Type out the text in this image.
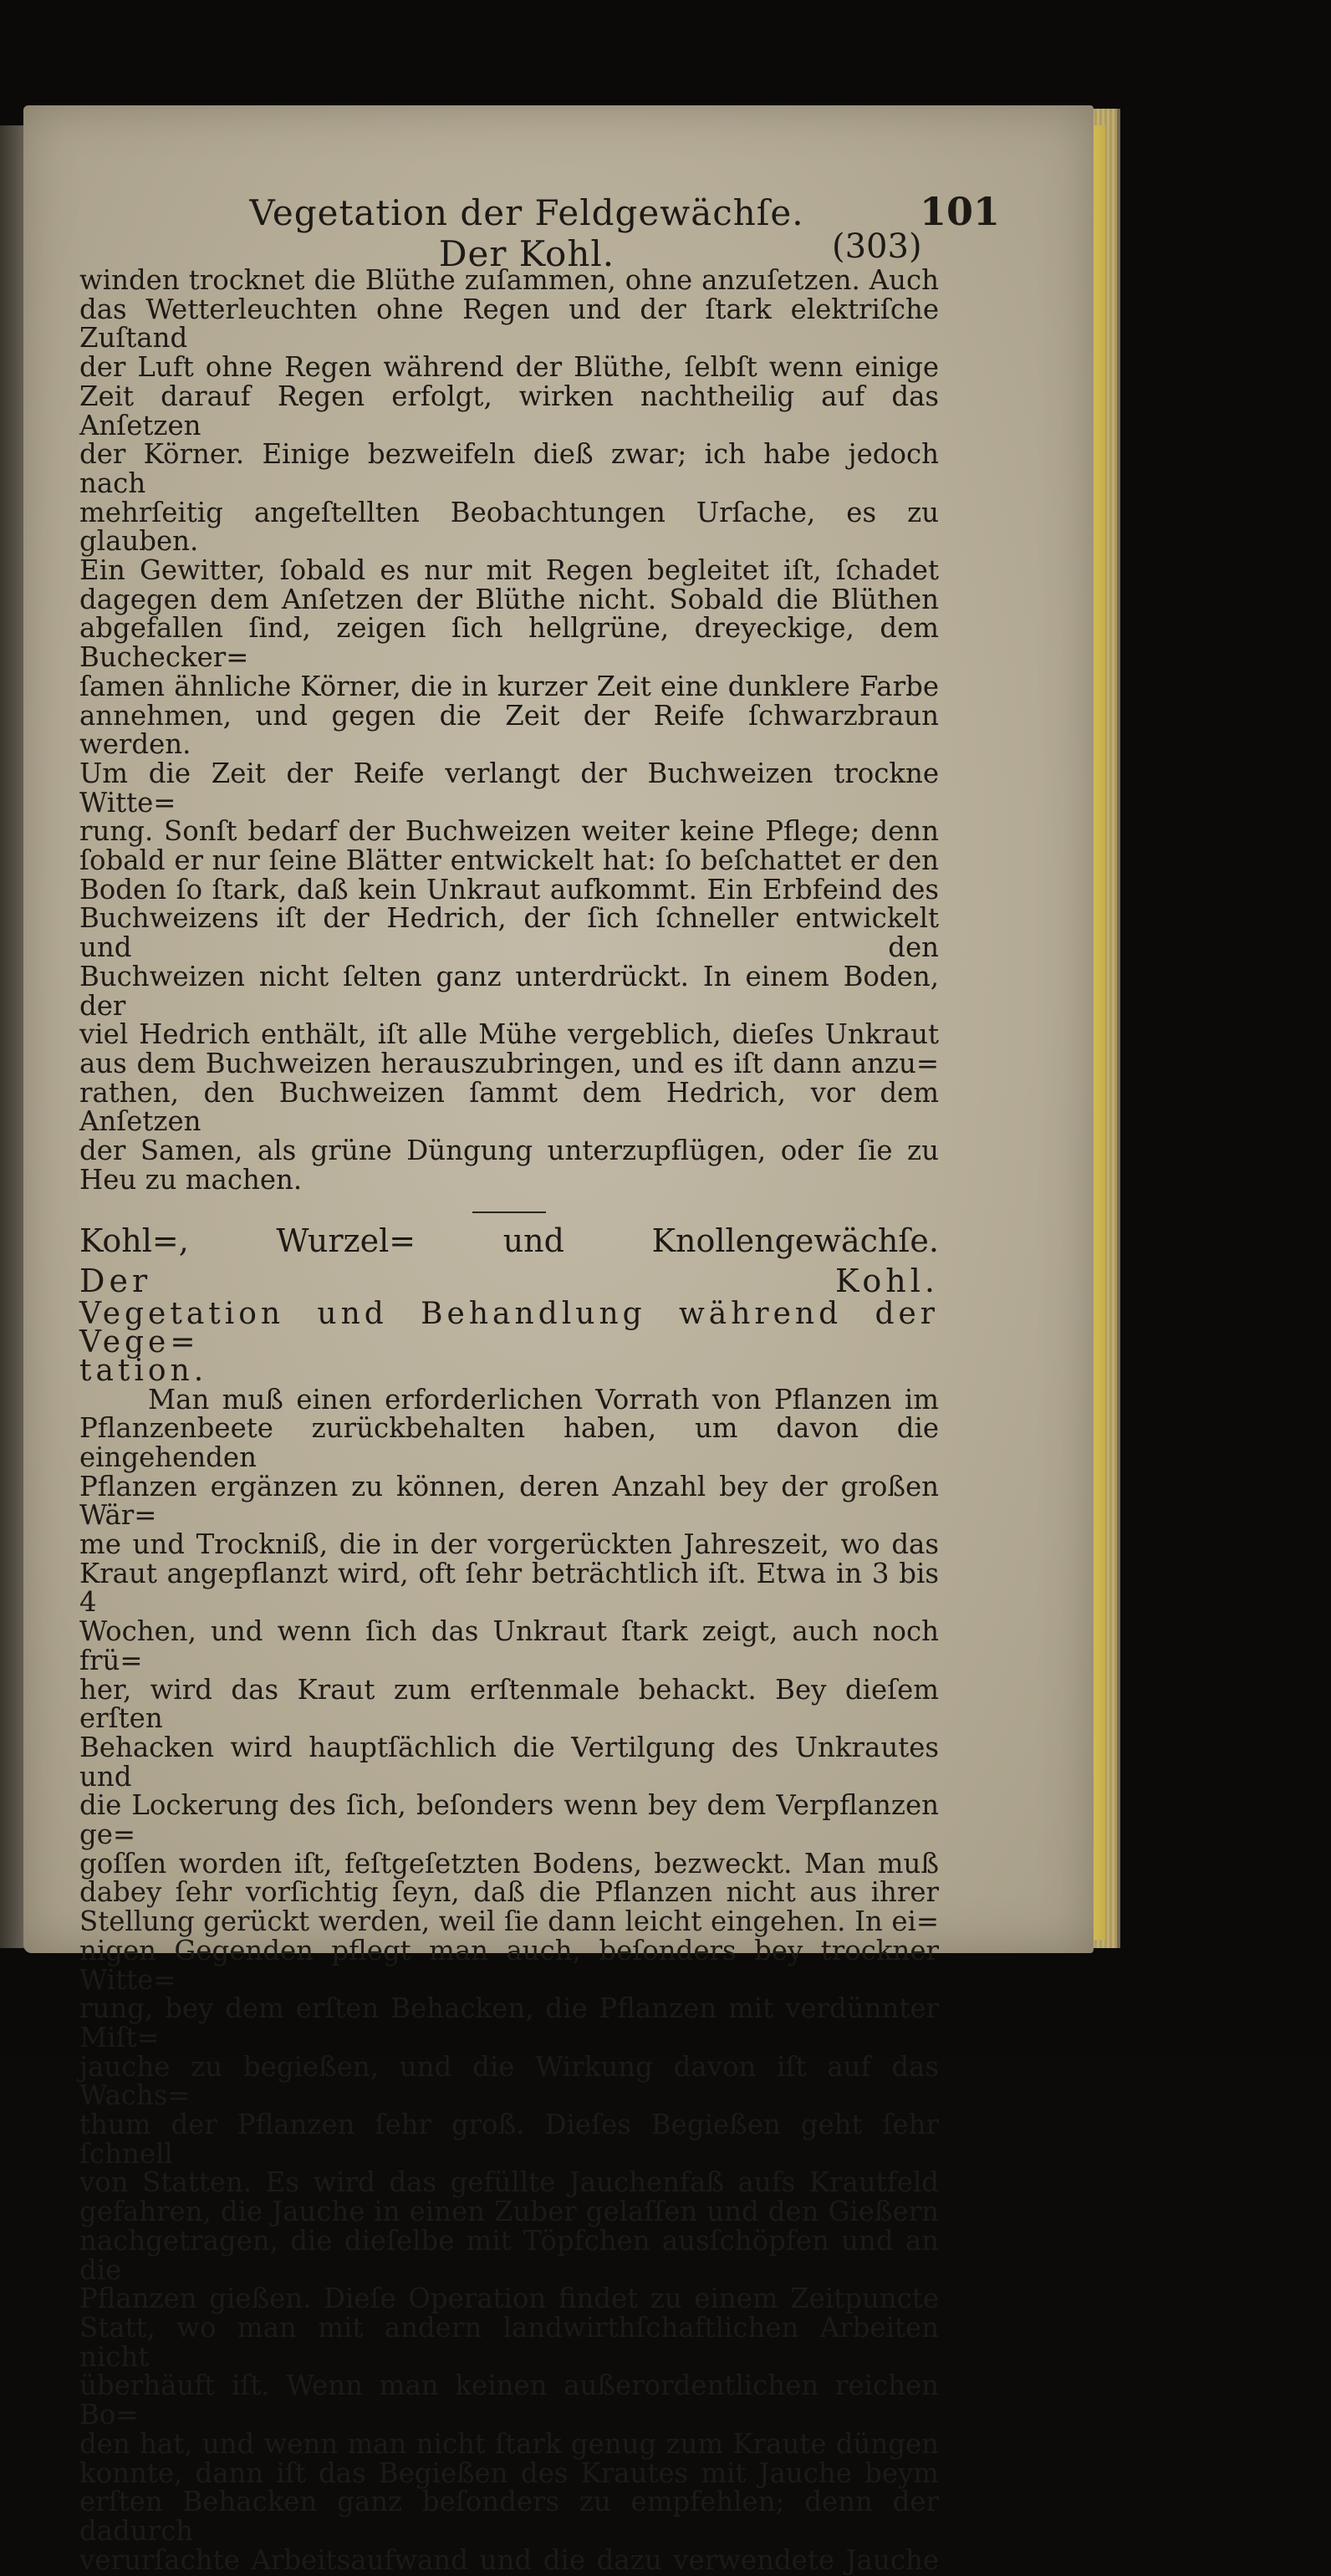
Vegetation der Feldgewächſe. Der Kohl.
101
(303)

winden trocknet die Blüthe zuſammen, ohne anzuſetzen. Auch

das Wetterleuchten ohne Regen und der ſtark elektriſche Zuſtand

der Luft ohne Regen während der Blüthe, ſelbſt wenn einige

Zeit darauf Regen erfolgt, wirken nachtheilig auf das Anſetzen

der Körner. Einige bezweifeln dieß zwar; ich habe jedoch nach

mehrſeitig angeſtellten Beobachtungen Urſache, es zu glauben.

Ein Gewitter, ſobald es nur mit Regen begleitet iſt, ſchadet

dagegen dem Anſetzen der Blüthe nicht. Sobald die Blüthen

abgefallen ſind, zeigen ſich hellgrüne, dreyeckige, dem Buchecker=

ſamen ähnliche Körner, die in kurzer Zeit eine dunklere Farbe

annehmen, und gegen die Zeit der Reife ſchwarzbraun werden.

Um die Zeit der Reife verlangt der Buchweizen trockne Witte=

rung. Sonſt bedarf der Buchweizen weiter keine Pflege; denn

ſobald er nur ſeine Blätter entwickelt hat: ſo beſchattet er den

Boden ſo ſtark, daß kein Unkraut aufkommt. Ein Erbfeind des

Buchweizens iſt der Hedrich, der ſich ſchneller entwickelt und den

Buchweizen nicht ſelten ganz unterdrückt. In einem Boden, der

viel Hedrich enthält, iſt alle Mühe vergeblich, dieſes Unkraut

aus dem Buchweizen herauszubringen, und es iſt dann anzu=

rathen, den Buchweizen ſammt dem Hedrich, vor dem Anſetzen

der Samen, als grüne Düngung unterzupflügen, oder ſie zu

Heu zu machen.

Kohl=, Wurzel= und Knollengewächſe.

Der Kohl.

Vegetation und Behandlung während der Vege=

tation.

Man muß einen erforderlichen Vorrath von Pflanzen im

Pflanzenbeete zurückbehalten haben, um davon die eingehenden

Pflanzen ergänzen zu können, deren Anzahl bey der großen Wär=

me und Trockniß, die in der vorgerückten Jahreszeit, wo das

Kraut angepflanzt wird, oft ſehr beträchtlich iſt. Etwa in 3 bis 4

Wochen, und wenn ſich das Unkraut ſtark zeigt, auch noch frü=

her, wird das Kraut zum erſtenmale behackt. Bey dieſem erſten

Behacken wird hauptſächlich die Vertilgung des Unkrautes und

die Lockerung des ſich, beſonders wenn bey dem Verpflanzen ge=

goſſen worden iſt, feſtgeſetzten Bodens, bezweckt. Man muß

dabey ſehr vorſichtig ſeyn, daß die Pflanzen nicht aus ihrer

Stellung gerückt werden, weil ſie dann leicht eingehen. In ei=

nigen Gegenden pflegt man auch, beſonders bey trockner Witte=

rung, bey dem erſten Behacken, die Pflanzen mit verdünnter Miſt=

jauche zu begießen, und die Wirkung davon iſt auf das Wachs=

thum der Pflanzen ſehr groß. Dieſes Begießen geht ſehr ſchnell

von Statten. Es wird das gefüllte Jauchenfaß aufs Krautfeld

gefahren, die Jauche in einen Zuber gelaſſen und den Gießern

nachgetragen, die dieſelbe mit Töpfchen ausſchöpfen und an die

Pflanzen gießen. Dieſe Operation findet zu einem Zeitpuncte

Statt, wo man mit andern landwirthſchaftlichen Arbeiten nicht

überhäuft iſt. Wenn man keinen außerordentlichen reichen Bo=

den hat, und wenn man nicht ſtark genug zum Kraute düngen

konnte, dann iſt das Begießen des Krautes mit Jauche beym

erſten Behacken ganz beſonders zu empfehlen; denn der dadurch

verurſachte Arbeitsaufwand und die dazu verwendete Jauche
